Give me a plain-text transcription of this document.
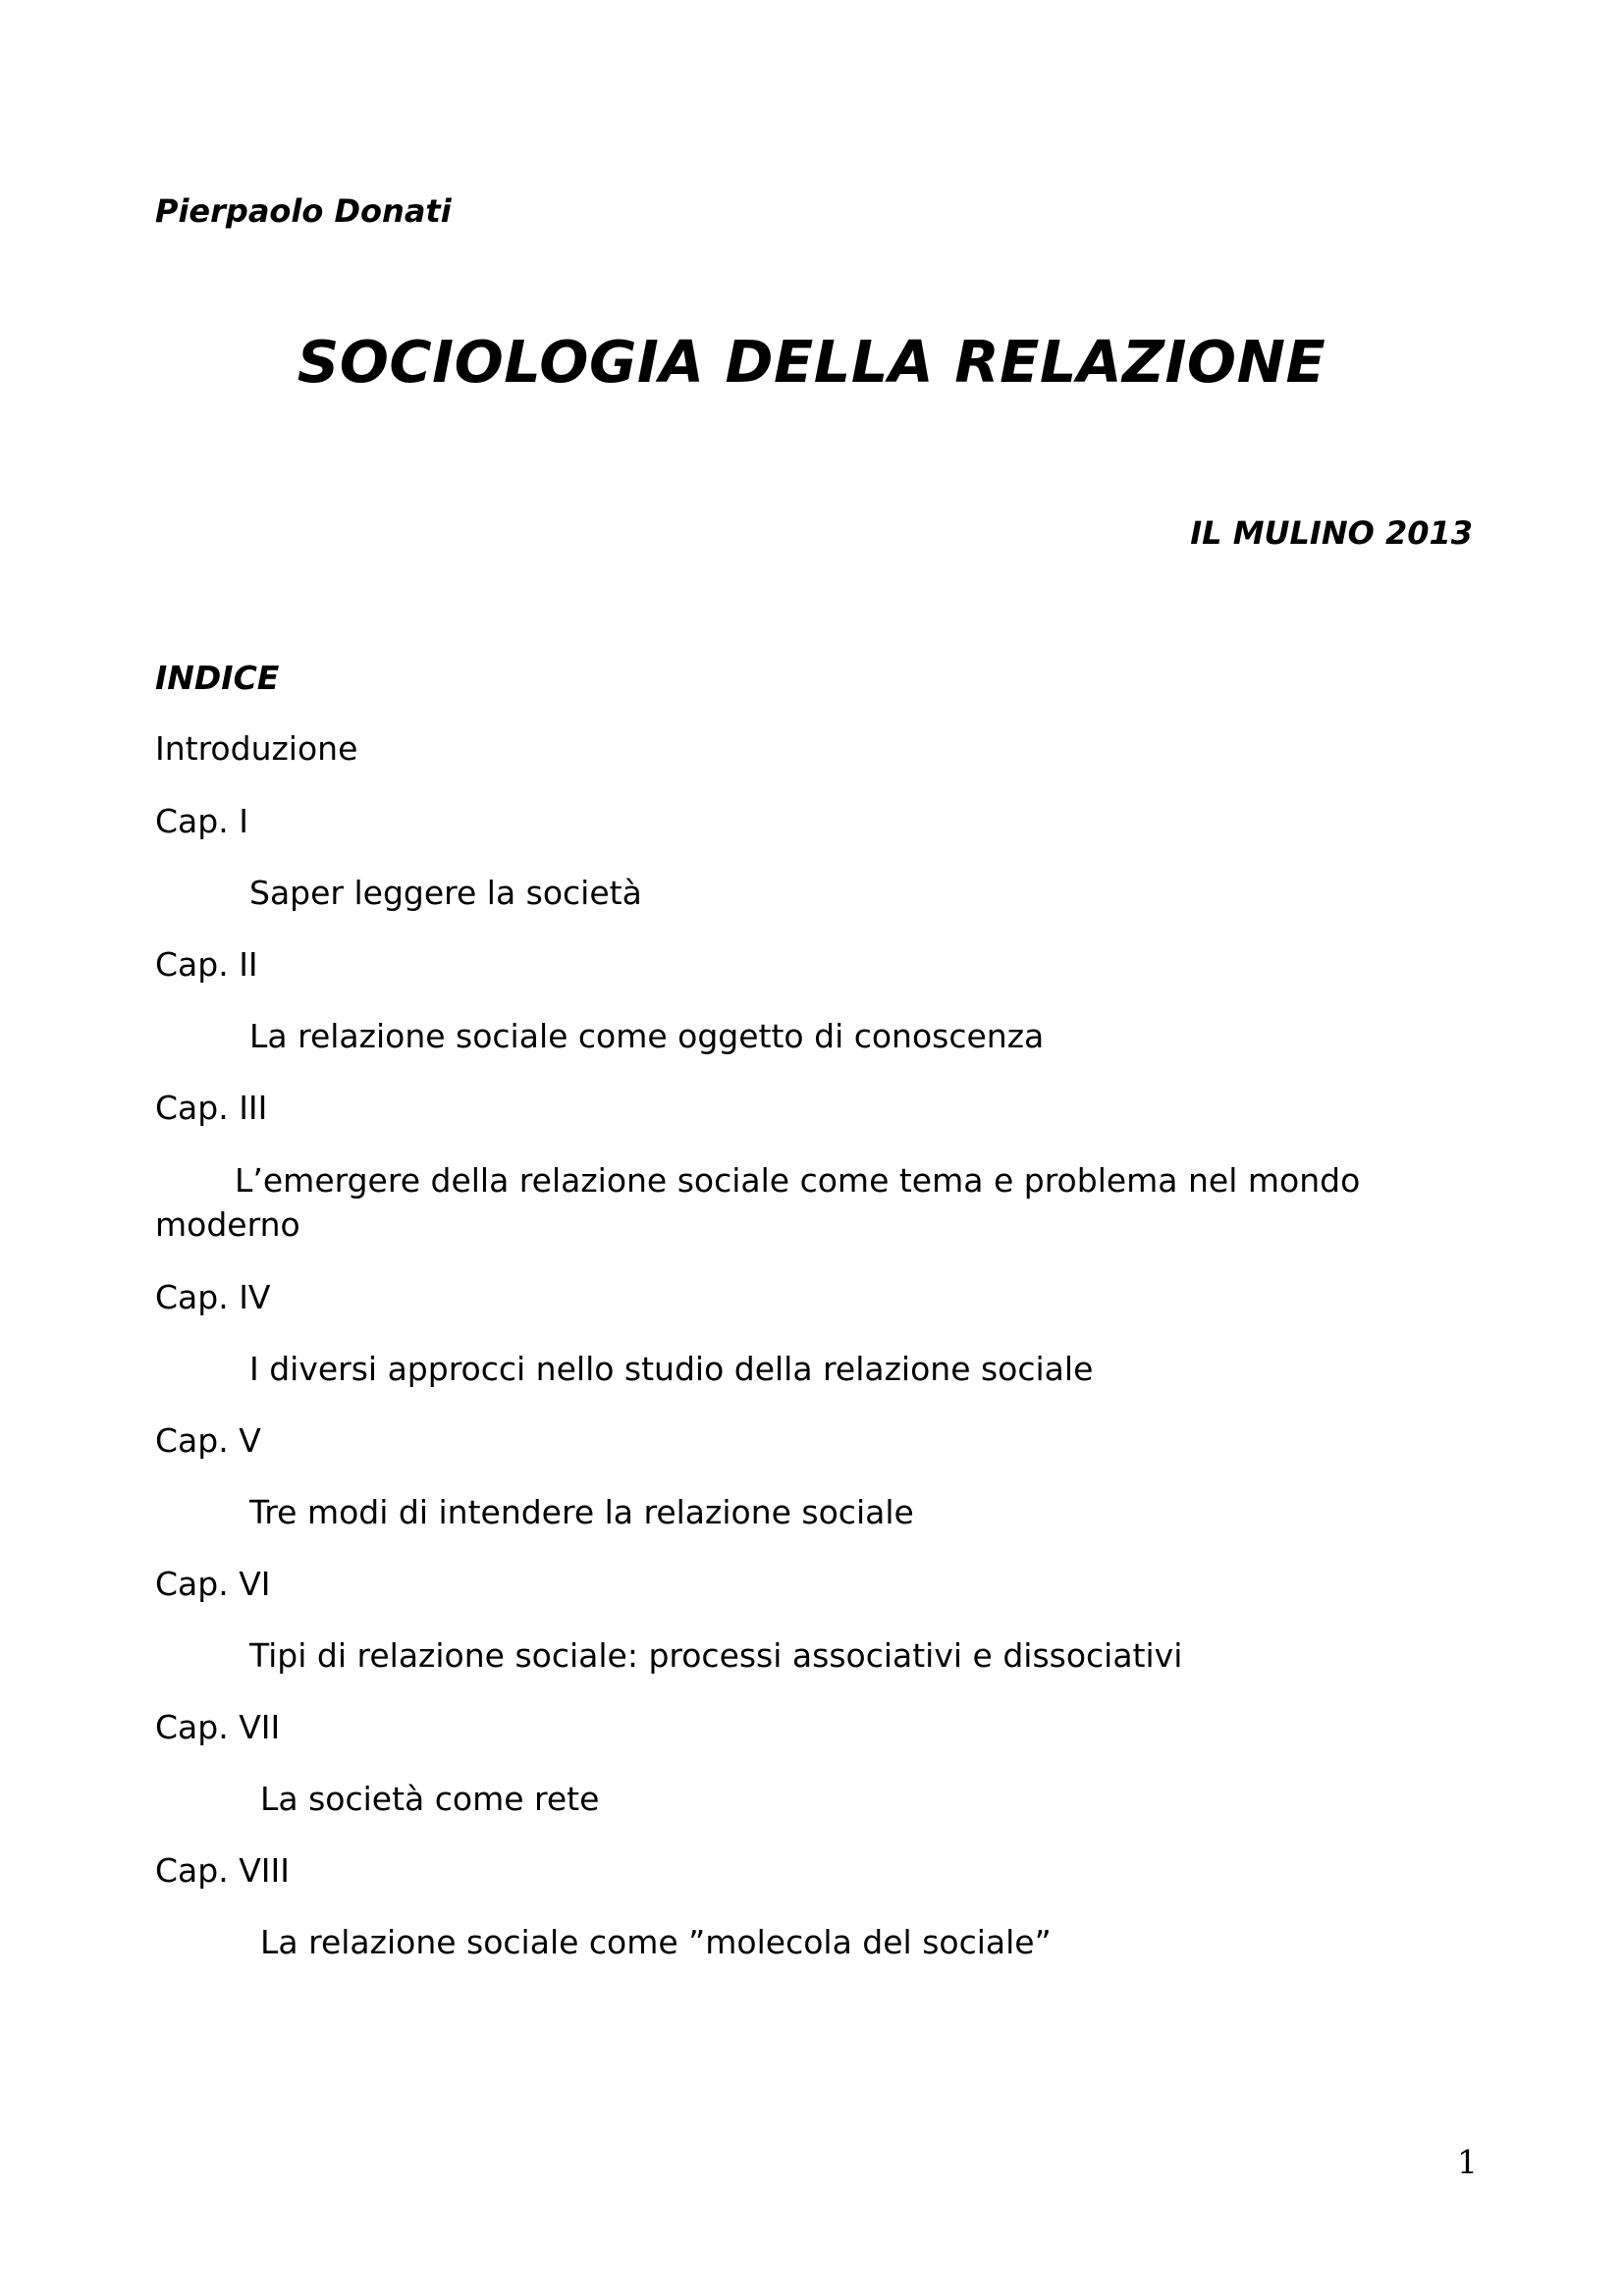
Pierpaolo Donati

SOCIOLOGIA DELLA RELAZIONE

IL MULINO 2013

INDICE

Introduzione

Cap. I

Saper leggere la società

Cap. II

La relazione sociale come oggetto di conoscenza

Cap. III

L’emergere della relazione sociale come tema e problema nel mondo moderno

Cap. IV

I diversi approcci nello studio della relazione sociale

Cap. V

Tre modi di intendere la relazione sociale

Cap. VI

Tipi di relazione sociale: processi associativi e dissociativi

Cap. VII

La società come rete

Cap. VIII

La relazione sociale come ”molecola del sociale”

1
